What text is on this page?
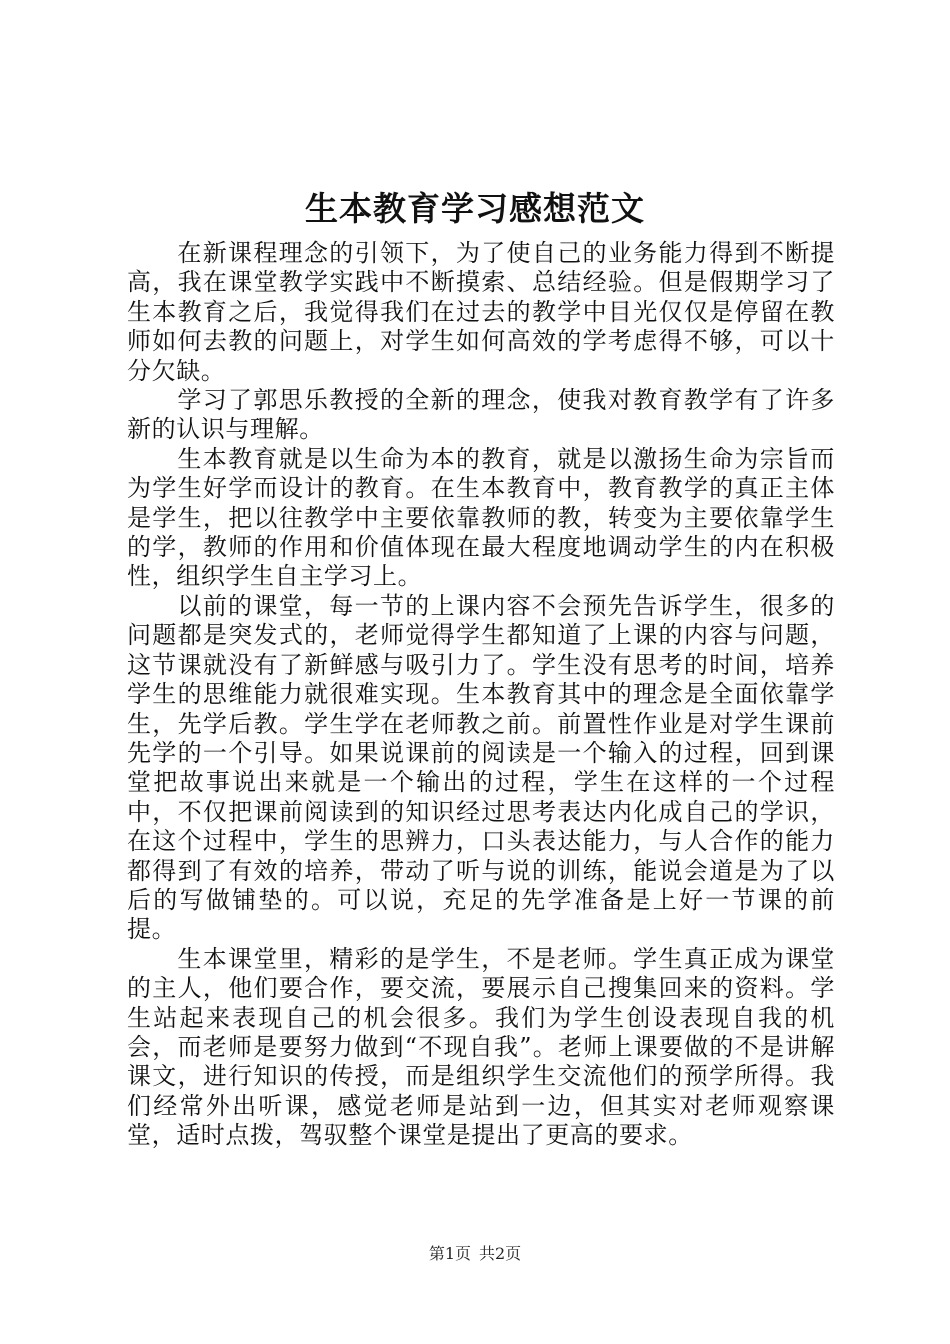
生本教育学习感想范文

在新课程理念的引领下，为了使自己的业务能力得到不断提高，我在课堂教学实践中不断摸索、总结经验。但是假期学习了生本教育之后，我觉得我们在过去的教学中目光仅仅是停留在教师如何去教的问题上，对学生如何高效的学考虑得不够，可以十分欠缺。

学习了郭思乐教授的全新的理念，使我对教育教学有了许多新的认识与理解。

生本教育就是以生命为本的教育，就是以激扬生命为宗旨而为学生好学而设计的教育。在生本教育中，教育教学的真正主体是学生，把以往教学中主要依靠教师的教，转变为主要依靠学生的学，教师的作用和价值体现在最大程度地调动学生的内在积极性，组织学生自主学习上。

以前的课堂，每一节的上课内容不会预先告诉学生，很多的问题都是突发式的，老师觉得学生都知道了上课的内容与问题，这节课就没有了新鲜感与吸引力了。学生没有思考的时间，培养学生的思维能力就很难实现。生本教育其中的理念是全面依靠学生，先学后教。学生学在老师教之前。前置性作业是对学生课前先学的一个引导。如果说课前的阅读是一个输入的过程，回到课堂把故事说出来就是一个输出的过程，学生在这样的一个过程中，不仅把课前阅读到的知识经过思考表达内化成自己的学识，在这个过程中，学生的思辨力，口头表达能力，与人合作的能力都得到了有效的培养，带动了听与说的训练，能说会道是为了以后的写做铺垫的。可以说，充足的先学准备是上好一节课的前提。

生本课堂里，精彩的是学生，不是老师。学生真正成为课堂的主人，他们要合作，要交流，要展示自己搜集回来的资料。学生站起来表现自己的机会很多。我们为学生创设表现自我的机会，而老师是要努力做到“不现自我”。老师上课要做的不是讲解课文，进行知识的传授，而是组织学生交流他们的预学所得。我们经常外出听课，感觉老师是站到一边，但其实对老师观察课堂，适时点拨，驾驭整个课堂是提出了更高的要求。

第1页 共2页
